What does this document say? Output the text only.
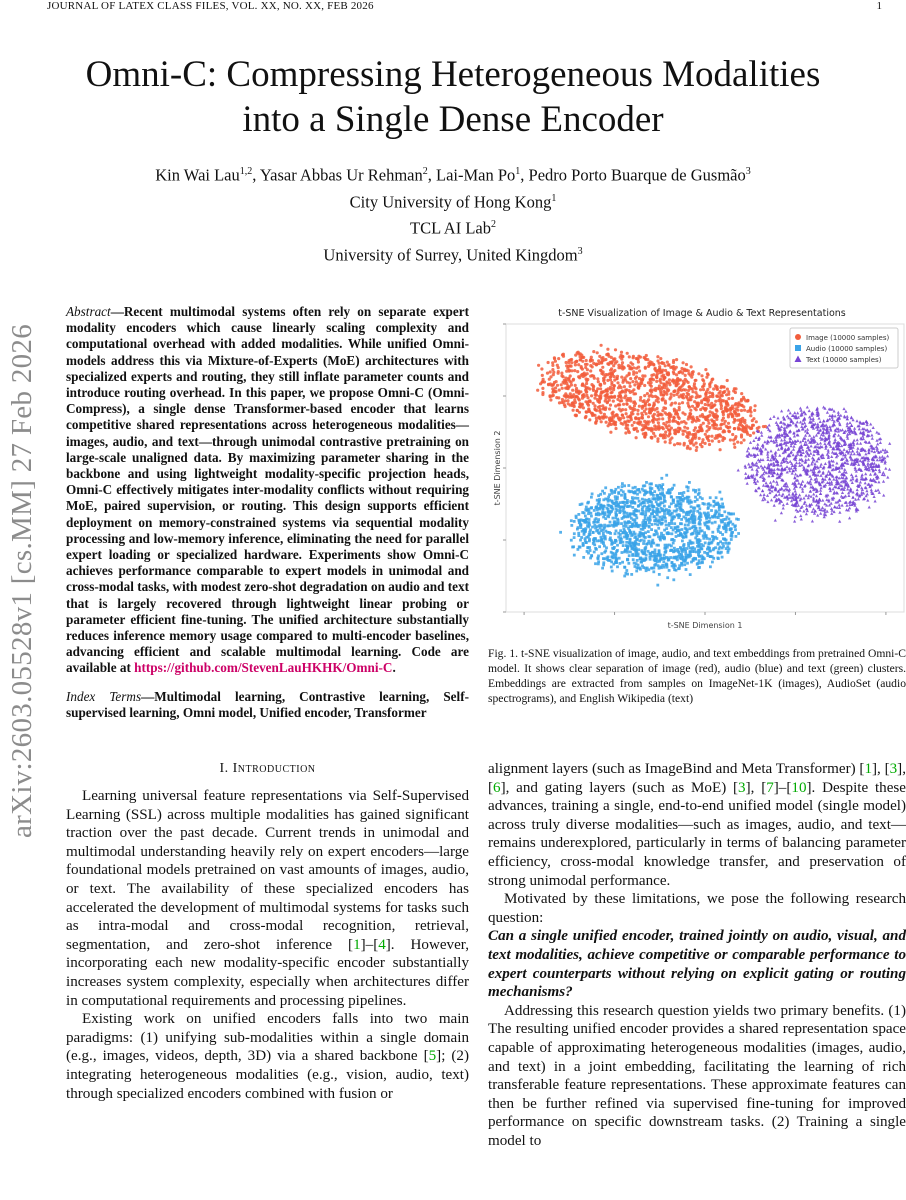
JOURNAL OF LATEX CLASS FILES, VOL. XX, NO. XX, FEB 2026	1
arXiv:2603.05528v1 [cs.MM] 27 Feb 2026
Omni-C: Compressing Heterogeneous Modalities
into a Single Dense Encoder
Kin Wai Lau$^{1,2}$, Yasar Abbas Ur Rehman$^2$, Lai-Man Po$^1$, Pedro Porto Buarque de Gusmão$^3$
City University of Hong Kong$^1$
TCL AI Lab$^2$
University of Surrey, United Kingdom$^3$
Abstract—Recent multimodal systems often rely on separate expert modality encoders which cause linearly scaling complexity and computational overhead with added modalities. While unified Omni-models address this via Mixture-of-Experts (MoE) architectures with specialized experts and routing, they still inflate parameter counts and introduce routing overhead. In this paper, we propose Omni-C (Omni-Compress), a single dense Transformer-based encoder that learns competitive shared representations across heterogeneous modalities—images, audio, and text—through unimodal contrastive pretraining on large-scale unaligned data. By maximizing parameter sharing in the backbone and using lightweight modality-specific projection heads, Omni-C effectively mitigates inter-modality conflicts without requiring MoE, paired supervision, or routing. This design supports efficient deployment on memory-constrained systems via sequential modality processing and low-memory inference, eliminating the need for parallel expert loading or specialized hardware. Experiments show Omni-C achieves performance comparable to expert models in unimodal and cross-modal tasks, with modest zero-shot degradation on audio and text that is largely recovered through lightweight linear probing or parameter efficient fine-tuning. The unified architecture substantially reduces inference memory usage compared to multi-encoder baselines, advancing efficient and scalable multimodal learning. Code are available at https://github.com/StevenLauHKHK/Omni-C.
Index Terms—Multimodal learning, Contrastive learning, Self-supervised learning, Omni model, Unified encoder, Transformer
I. Introduction

Learning universal feature representations via Self-Supervised Learning (SSL) across multiple modalities has gained significant traction over the past decade. Current trends in unimodal and multimodal understanding heavily rely on expert encoders—large foundational models pretrained on vast amounts of images, audio, or text. The availability of these specialized encoders has accelerated the development of multimodal systems for tasks such as intra-modal and cross-modal recognition, retrieval, segmentation, and zero-shot inference [1]–[4]. However, incorporating each new modality-specific encoder substantially increases system complexity, especially when architectures differ in computational requirements and processing pipelines.

Existing work on unified encoders falls into two main paradigms: (1) unifying sub-modalities within a single domain (e.g., images, videos, depth, 3D) via a shared backbone [5]; (2) integrating heterogeneous modalities (e.g., vision, audio, text) through specialized encoders combined with fusion or

t-SNE Visualization of Image & Audio & Text Representations
t-SNE Dimension 1
t-SNE Dimension 2
Image (10000 samples)
Audio (10000 samples)
Text (10000 samples)
Fig. 1. t-SNE visualization of image, audio, and text embeddings from pretrained Omni-C model. It shows clear separation of image (red), audio (blue) and text (green) clusters. Embeddings are extracted from samples on ImageNet-1K (images), AudioSet (audio spectrograms), and English Wikipedia (text)

alignment layers (such as ImageBind and Meta Transformer) [1], [3], [6], and gating layers (such as MoE) [3], [7]–[10]. Despite these advances, training a single, end-to-end unified model (single model) across truly diverse modalities—such as images, audio, and text—remains underexplored, particularly in terms of balancing parameter efficiency, cross-modal knowledge transfer, and preservation of strong unimodal performance.

Motivated by these limitations, we pose the following research question:

Can a single unified encoder, trained jointly on audio, visual, and text modalities, achieve competitive or comparable performance to expert counterparts without relying on explicit gating or routing mechanisms?

Addressing this research question yields two primary benefits. (1) The resulting unified encoder provides a shared representation space capable of approximating heterogeneous modalities (images, audio, and text) in a joint embedding, facilitating the learning of rich transferable feature representations. These approximate features can then be further refined via supervised fine-tuning for improved performance on specific downstream tasks. (2) Training a single model to
